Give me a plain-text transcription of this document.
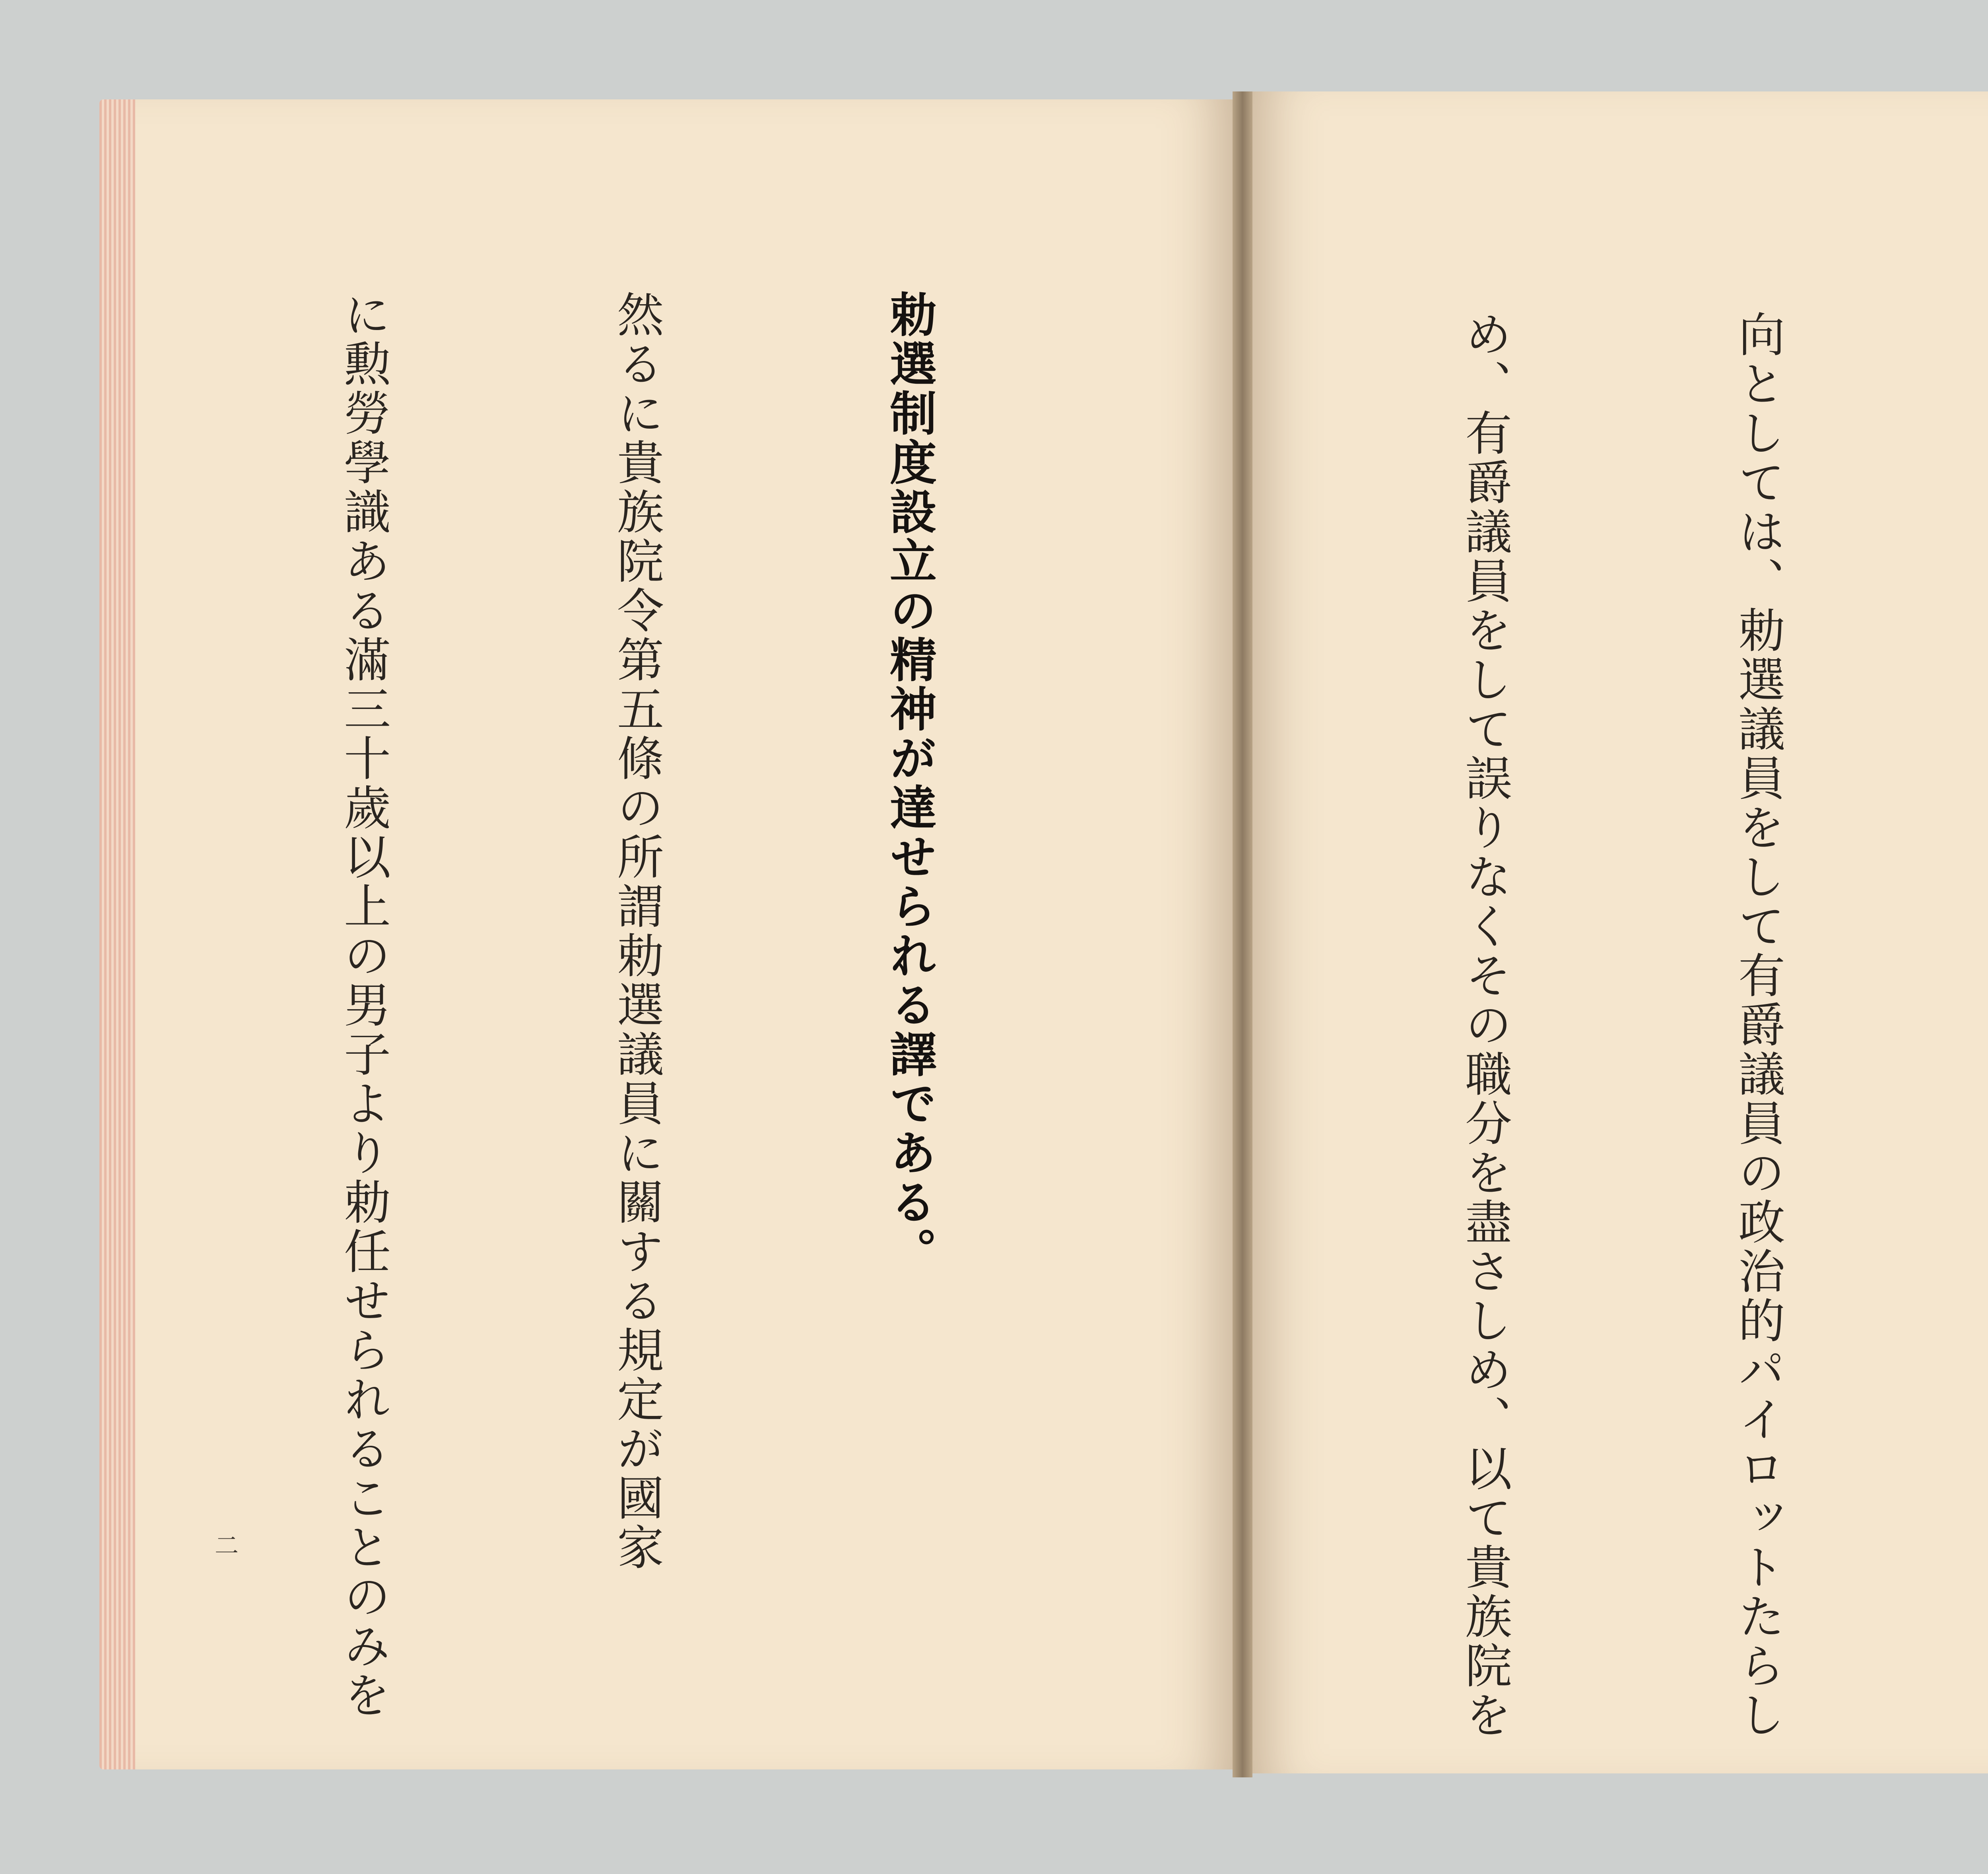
勅選制度設立の精神が達せられる譯である。

然るに貴族院令第五條の所謂勅選議員に關する規定が國家

に勲勞學識ある滿三十歲以上の男子より勅任せられることのみを

二

	向としては、勅選議員をして有爵議員の政治的パイロットたらし

め、有爵議員をして誤りなくその職分を盡さしめ、以て貴族院を
